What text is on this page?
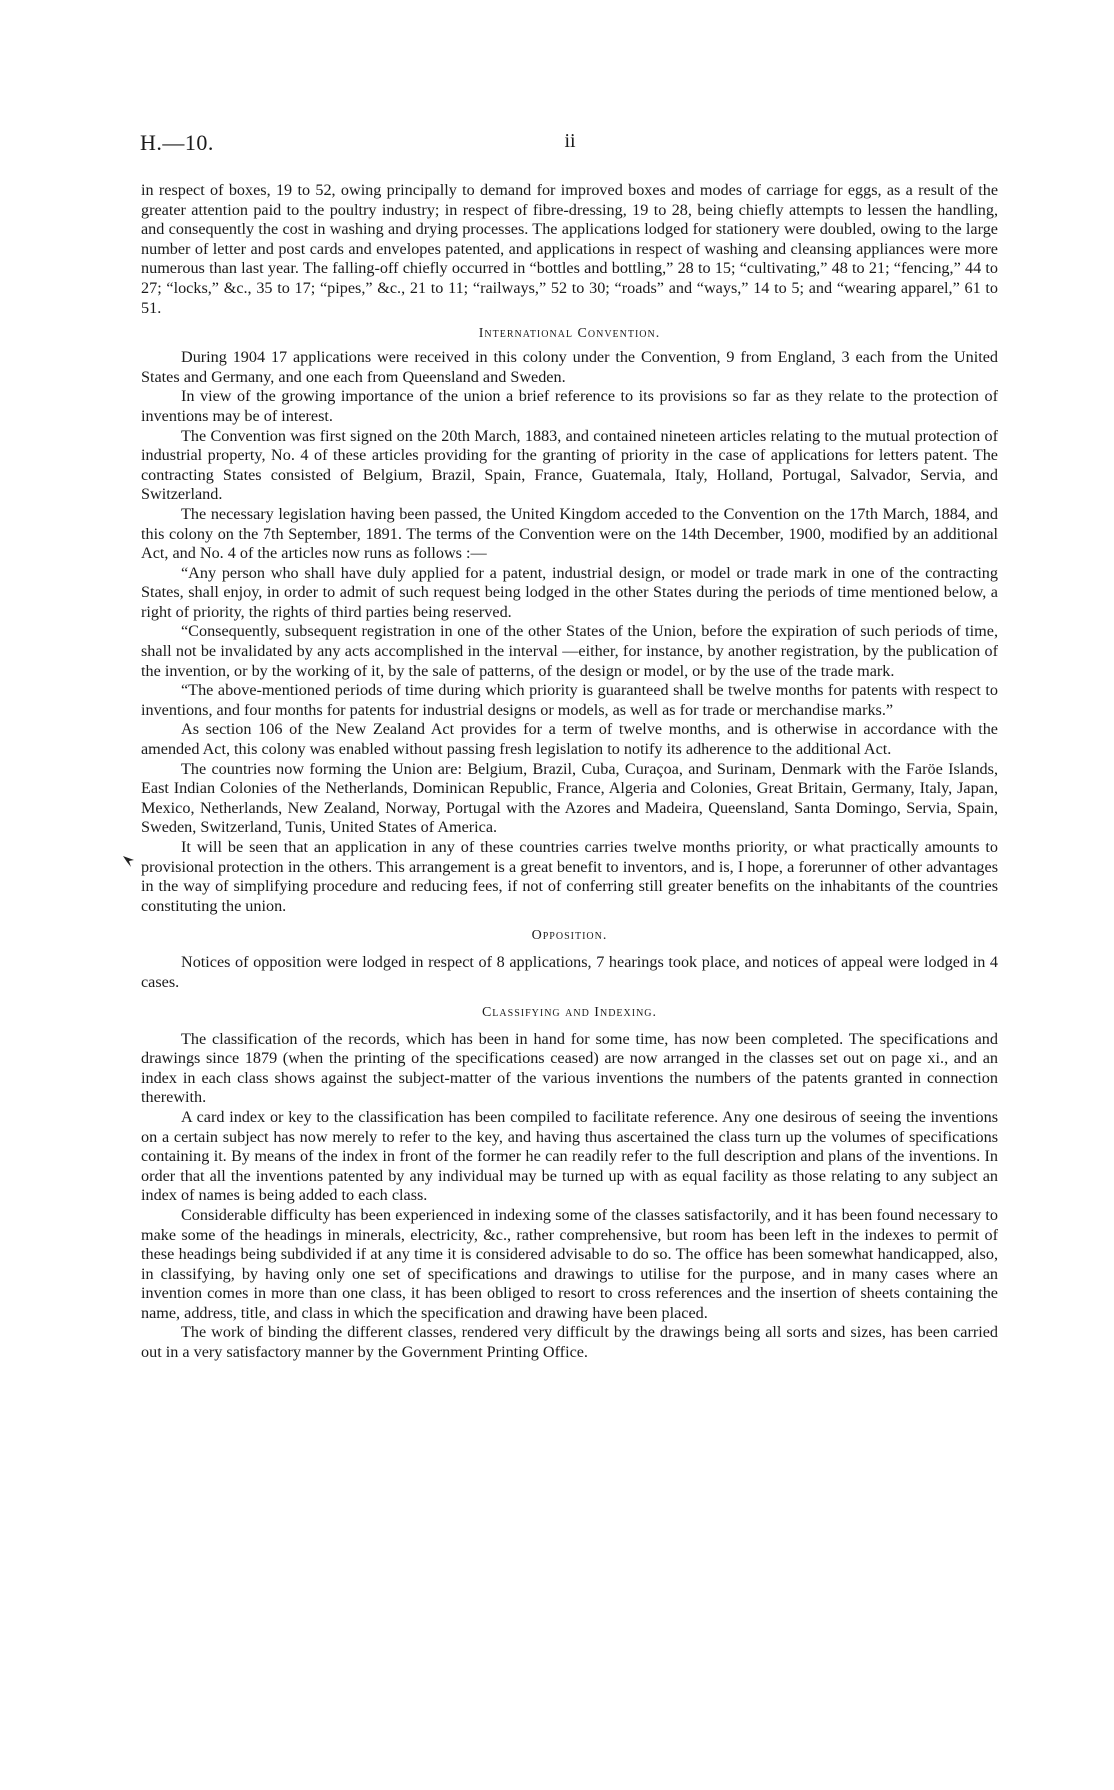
H.—10.	ii

in respect of boxes, 19 to 52, owing principally to demand for improved boxes and modes of carriage for eggs, as a result of the greater attention paid to the poultry industry; in respect of fibre-dressing, 19 to 28, being chiefly attempts to lessen the handling, and consequently the cost in washing and drying processes. The applications lodged for stationery were doubled, owing to the large number of letter and post cards and envelopes patented, and applications in respect of washing and cleansing appliances were more numerous than last year. The falling-off chiefly occurred in “bottles and bottling,” 28 to 15; “cultivating,” 48 to 21; “fencing,” 44 to 27; “locks,” &c., 35 to 17; “pipes,” &c., 21 to 11; “railways,” 52 to 30; “roads” and “ways,” 14 to 5; and “wearing apparel,” 61 to 51.

International Convention.

During 1904 17 applications were received in this colony under the Convention, 9 from England, 3 each from the United States and Germany, and one each from Queensland and Sweden.

In view of the growing importance of the union a brief reference to its provisions so far as they relate to the protection of inventions may be of interest.

The Convention was first signed on the 20th March, 1883, and contained nineteen articles relating to the mutual protection of industrial property, No. 4 of these articles providing for the granting of priority in the case of applications for letters patent. The contracting States consisted of Belgium, Brazil, Spain, France, Guatemala, Italy, Holland, Portugal, Salvador, Servia, and Switzerland.

The necessary legislation having been passed, the United Kingdom acceded to the Convention on the 17th March, 1884, and this colony on the 7th September, 1891. The terms of the Convention were on the 14th December, 1900, modified by an additional Act, and No. 4 of the articles now runs as follows :—

“Any person who shall have duly applied for a patent, industrial design, or model or trade mark in one of the contracting States, shall enjoy, in order to admit of such request being lodged in the other States during the periods of time mentioned below, a right of priority, the rights of third parties being reserved.

“Consequently, subsequent registration in one of the other States of the Union, before the expiration of such periods of time, shall not be invalidated by any acts accomplished in the interval —either, for instance, by another registration, by the publication of the invention, or by the working of it, by the sale of patterns, of the design or model, or by the use of the trade mark.

“The above-mentioned periods of time during which priority is guaranteed shall be twelve months for patents with respect to inventions, and four months for patents for industrial designs or models, as well as for trade or merchandise marks.”

As section 106 of the New Zealand Act provides for a term of twelve months, and is otherwise in accordance with the amended Act, this colony was enabled without passing fresh legislation to notify its adherence to the additional Act.

The countries now forming the Union are: Belgium, Brazil, Cuba, Curaçoa, and Surinam, Denmark with the Faröe Islands, East Indian Colonies of the Netherlands, Dominican Republic, France, Algeria and Colonies, Great Britain, Germany, Italy, Japan, Mexico, Netherlands, New Zealand, Norway, Portugal with the Azores and Madeira, Queensland, Santa Domingo, Servia, Spain, Sweden, Switzerland, Tunis, United States of America.

It will be seen that an application in any of these countries carries twelve months priority, or what practically amounts to provisional protection in the others. This arrangement is a great benefit to inventors, and is, I hope, a forerunner of other advantages in the way of simplifying procedure and reducing fees, if not of conferring still greater benefits on the inhabitants of the countries constituting the union.

Opposition.

Notices of opposition were lodged in respect of 8 applications, 7 hearings took place, and notices of appeal were lodged in 4 cases.

Classifying and Indexing.

The classification of the records, which has been in hand for some time, has now been completed. The specifications and drawings since 1879 (when the printing of the specifications ceased) are now arranged in the classes set out on page xi., and an index in each class shows against the subject-matter of the various inventions the numbers of the patents granted in connection therewith.

A card index or key to the classification has been compiled to facilitate reference. Any one desirous of seeing the inventions on a certain subject has now merely to refer to the key, and having thus ascertained the class turn up the volumes of specifications containing it. By means of the index in front of the former he can readily refer to the full description and plans of the inventions. In order that all the inventions patented by any individual may be turned up with as equal facility as those relating to any subject an index of names is being added to each class.

Considerable difficulty has been experienced in indexing some of the classes satisfactorily, and it has been found necessary to make some of the headings in minerals, electricity, &c., rather comprehensive, but room has been left in the indexes to permit of these headings being subdivided if at any time it is considered advisable to do so. The office has been somewhat handicapped, also, in classifying, by having only one set of specifications and drawings to utilise for the purpose, and in many cases where an invention comes in more than one class, it has been obliged to resort to cross references and the insertion of sheets containing the name, address, title, and class in which the specification and drawing have been placed.

The work of binding the different classes, rendered very difficult by the drawings being all sorts and sizes, has been carried out in a very satisfactory manner by the Government Printing Office.
